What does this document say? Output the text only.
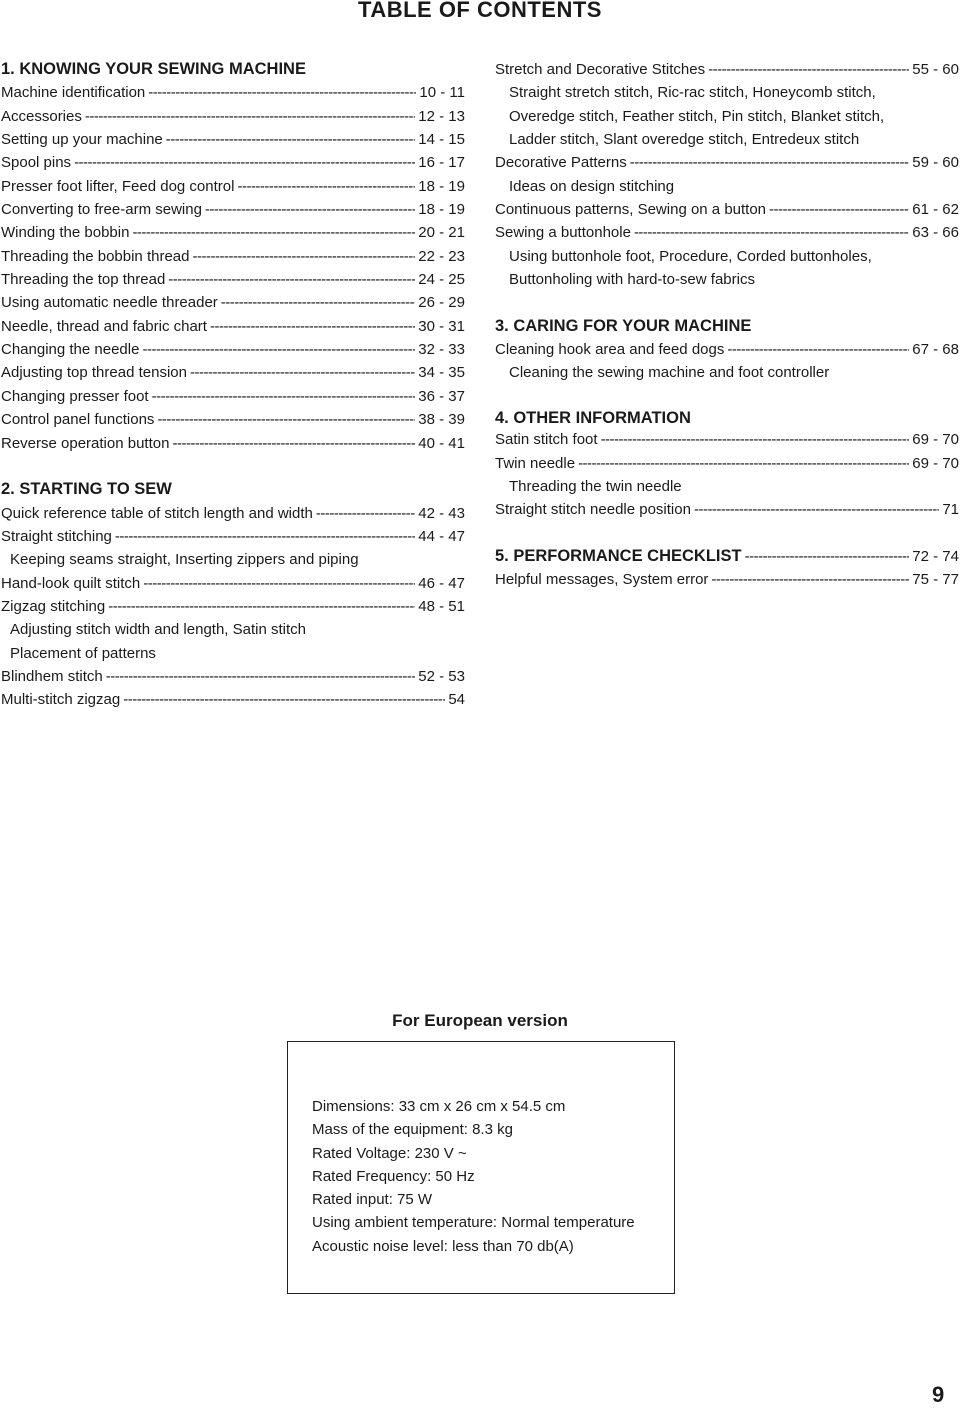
TABLE OF CONTENTS
1. KNOWING YOUR SEWING MACHINE
Machine identification -----	10 - 11
Accessories -----	12 - 13
Setting up your machine -----	14 - 15
Spool pins -----	16 - 17
Presser foot lifter, Feed dog control -----	18 - 19
Converting to free-arm sewing -----	18 - 19
Winding the bobbin -----	20 - 21
Threading the bobbin thread -----	22 - 23
Threading the top thread -----	24 - 25
Using automatic needle threader -----	26 - 29
Needle, thread and fabric chart -----	30 - 31
Changing the needle -----	32 - 33
Adjusting top thread tension -----	34 - 35
Changing presser foot -----	36 - 37
Control panel functions -----	38 - 39
Reverse operation button -----	40 - 41
2. STARTING TO SEW
Quick reference table of stitch length and width -----	42 - 43
Straight stitching -----	44 - 47
Keeping seams straight, Inserting zippers and piping
Hand-look quilt stitch -----	46 - 47
Zigzag stitching -----	48 - 51
Adjusting stitch width and length, Satin stitch
Placement of patterns
Blindhem stitch -----	52 - 53
Multi-stitch zigzag -----	54
Stretch and Decorative Stitches -----	55 - 60
Straight stretch stitch, Ric-rac stitch, Honeycomb stitch,
Overedge stitch, Feather stitch, Pin stitch, Blanket stitch,
Ladder stitch, Slant overedge stitch, Entredeux stitch
Decorative Patterns -----	59 - 60
Ideas on design stitching
Continuous patterns, Sewing on a button -----	61 - 62
Sewing a buttonhole -----	63 - 66
Using buttonhole foot, Procedure, Corded buttonholes,
Buttonholing with hard-to-sew fabrics
3. CARING FOR YOUR MACHINE
Cleaning hook area and feed dogs -----	67 - 68
Cleaning the sewing machine and foot controller
4. OTHER INFORMATION
Satin stitch foot -----	69 - 70
Twin needle -----	69 - 70
Threading the twin needle
Straight stitch needle position -----	71
5. PERFORMANCE CHECKLIST -----	72 - 74
Helpful messages, System error -----	75 - 77
For European version
Dimensions: 33 cm x 26 cm x 54.5 cm
Mass of the equipment: 8.3 kg
Rated Voltage: 230 V ~
Rated Frequency: 50 Hz
Rated input: 75 W
Using ambient temperature: Normal temperature
Acoustic noise level: less than 70 db(A)
9
